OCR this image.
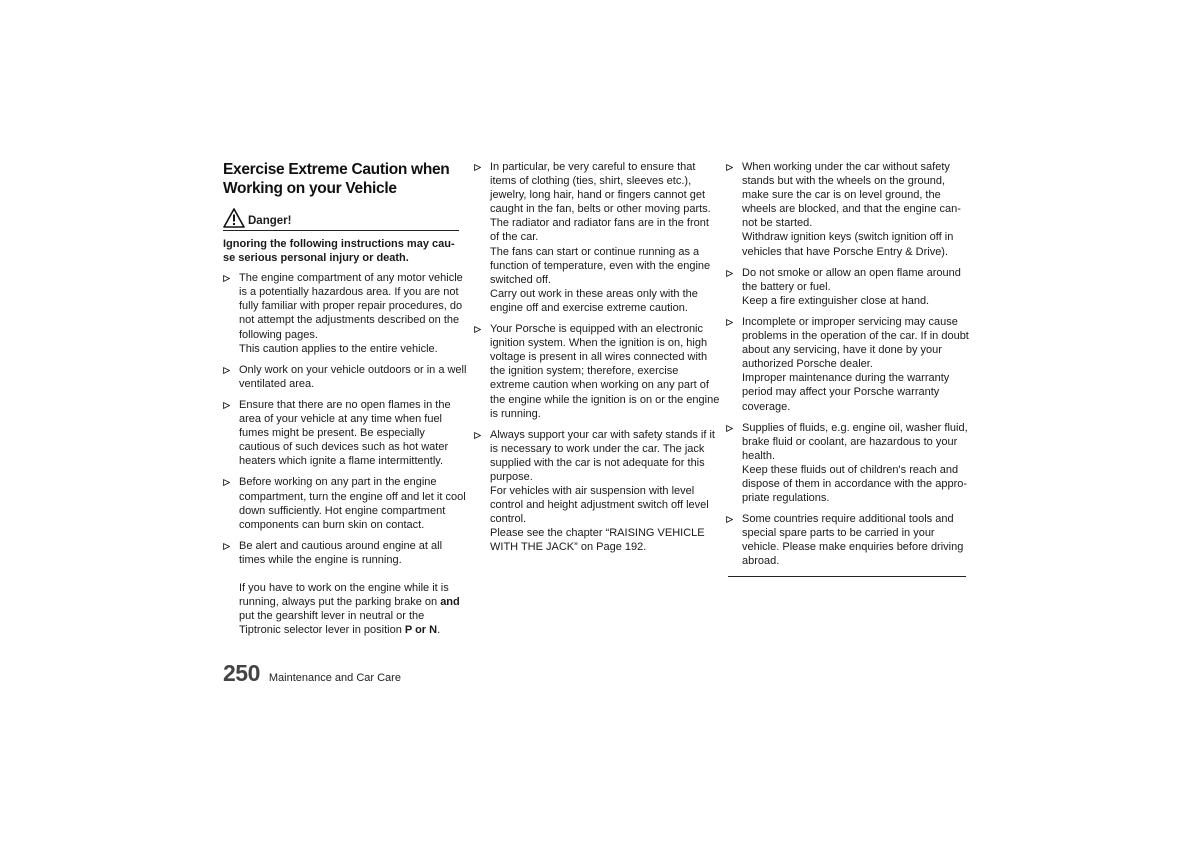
Exercise Extreme Caution when
Working on your Vehicle
Danger!
Ignoring the following instructions may cau-
se serious personal injury or death.
The engine compartment of any motor vehicle
is a potentially hazardous area. If you are not
fully familiar with proper repair procedures, do
not attempt the adjustments described on the
following pages.
This caution applies to the entire vehicle.
Only work on your vehicle outdoors or in a well
ventilated area.
Ensure that there are no open flames in the
area of your vehicle at any time when fuel
fumes might be present. Be especially
cautious of such devices such as hot water
heaters which ignite a flame intermittently.
Before working on any part in the engine
compartment, turn the engine off and let it cool
down sufficiently. Hot engine compartment
components can burn skin on contact.
Be alert and cautious around engine at all
times while the engine is running.
If you have to work on the engine while it is
running, always put the parking brake on and
put the gearshift lever in neutral or the
Tiptronic selector lever in position P or N.
In particular, be very careful to ensure that
items of clothing (ties, shirt, sleeves etc.),
jewelry, long hair, hand or fingers cannot get
caught in the fan, belts or other moving parts.
The radiator and radiator fans are in the front
of the car.
The fans can start or continue running as a
function of temperature, even with the engine
switched off.
Carry out work in these areas only with the
engine off and exercise extreme caution.
Your Porsche is equipped with an electronic
ignition system. When the ignition is on, high
voltage is present in all wires connected with
the ignition system; therefore, exercise
extreme caution when working on any part of
the engine while the ignition is on or the engine
is running.
Always support your car with safety stands if it
is necessary to work under the car. The jack
supplied with the car is not adequate for this
purpose.
For vehicles with air suspension with level
control and height adjustment switch off level
control.
Please see the chapter “RAISING VEHICLE
WITH THE JACK” on Page 192.
When working under the car without safety
stands but with the wheels on the ground,
make sure the car is on level ground, the
wheels are blocked, and that the engine can-
not be started.
Withdraw ignition keys (switch ignition off in
vehicles that have Porsche Entry & Drive).
Do not smoke or allow an open flame around
the battery or fuel.
Keep a fire extinguisher close at hand.
Incomplete or improper servicing may cause
problems in the operation of the car. If in doubt
about any servicing, have it done by your
authorized Porsche dealer.
Improper maintenance during the warranty
period may affect your Porsche warranty
coverage.
Supplies of fluids, e.g. engine oil, washer fluid,
brake fluid or coolant, are hazardous to your
health.
Keep these fluids out of children's reach and
dispose of them in accordance with the appro-
priate regulations.
Some countries require additional tools and
special spare parts to be carried in your
vehicle. Please make enquiries before driving
abroad.
250 Maintenance and Car Care
